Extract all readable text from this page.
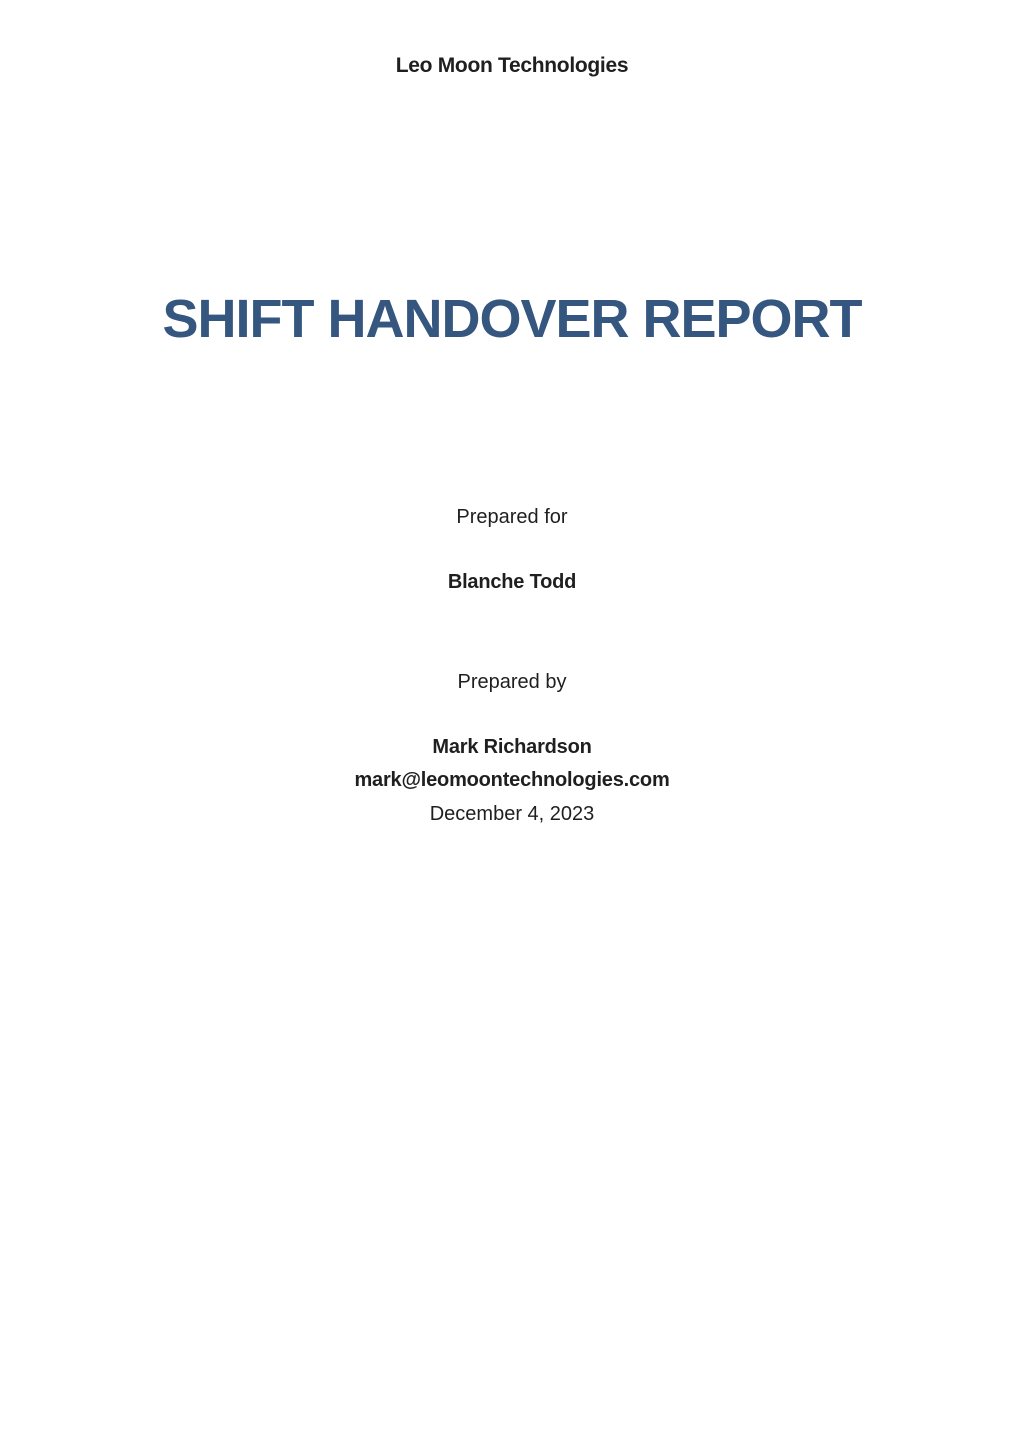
Leo Moon Technologies
SHIFT HANDOVER REPORT
Prepared for
Blanche Todd
Prepared by
Mark Richardson
mark@leomoontechnologies.com
December 4, 2023
